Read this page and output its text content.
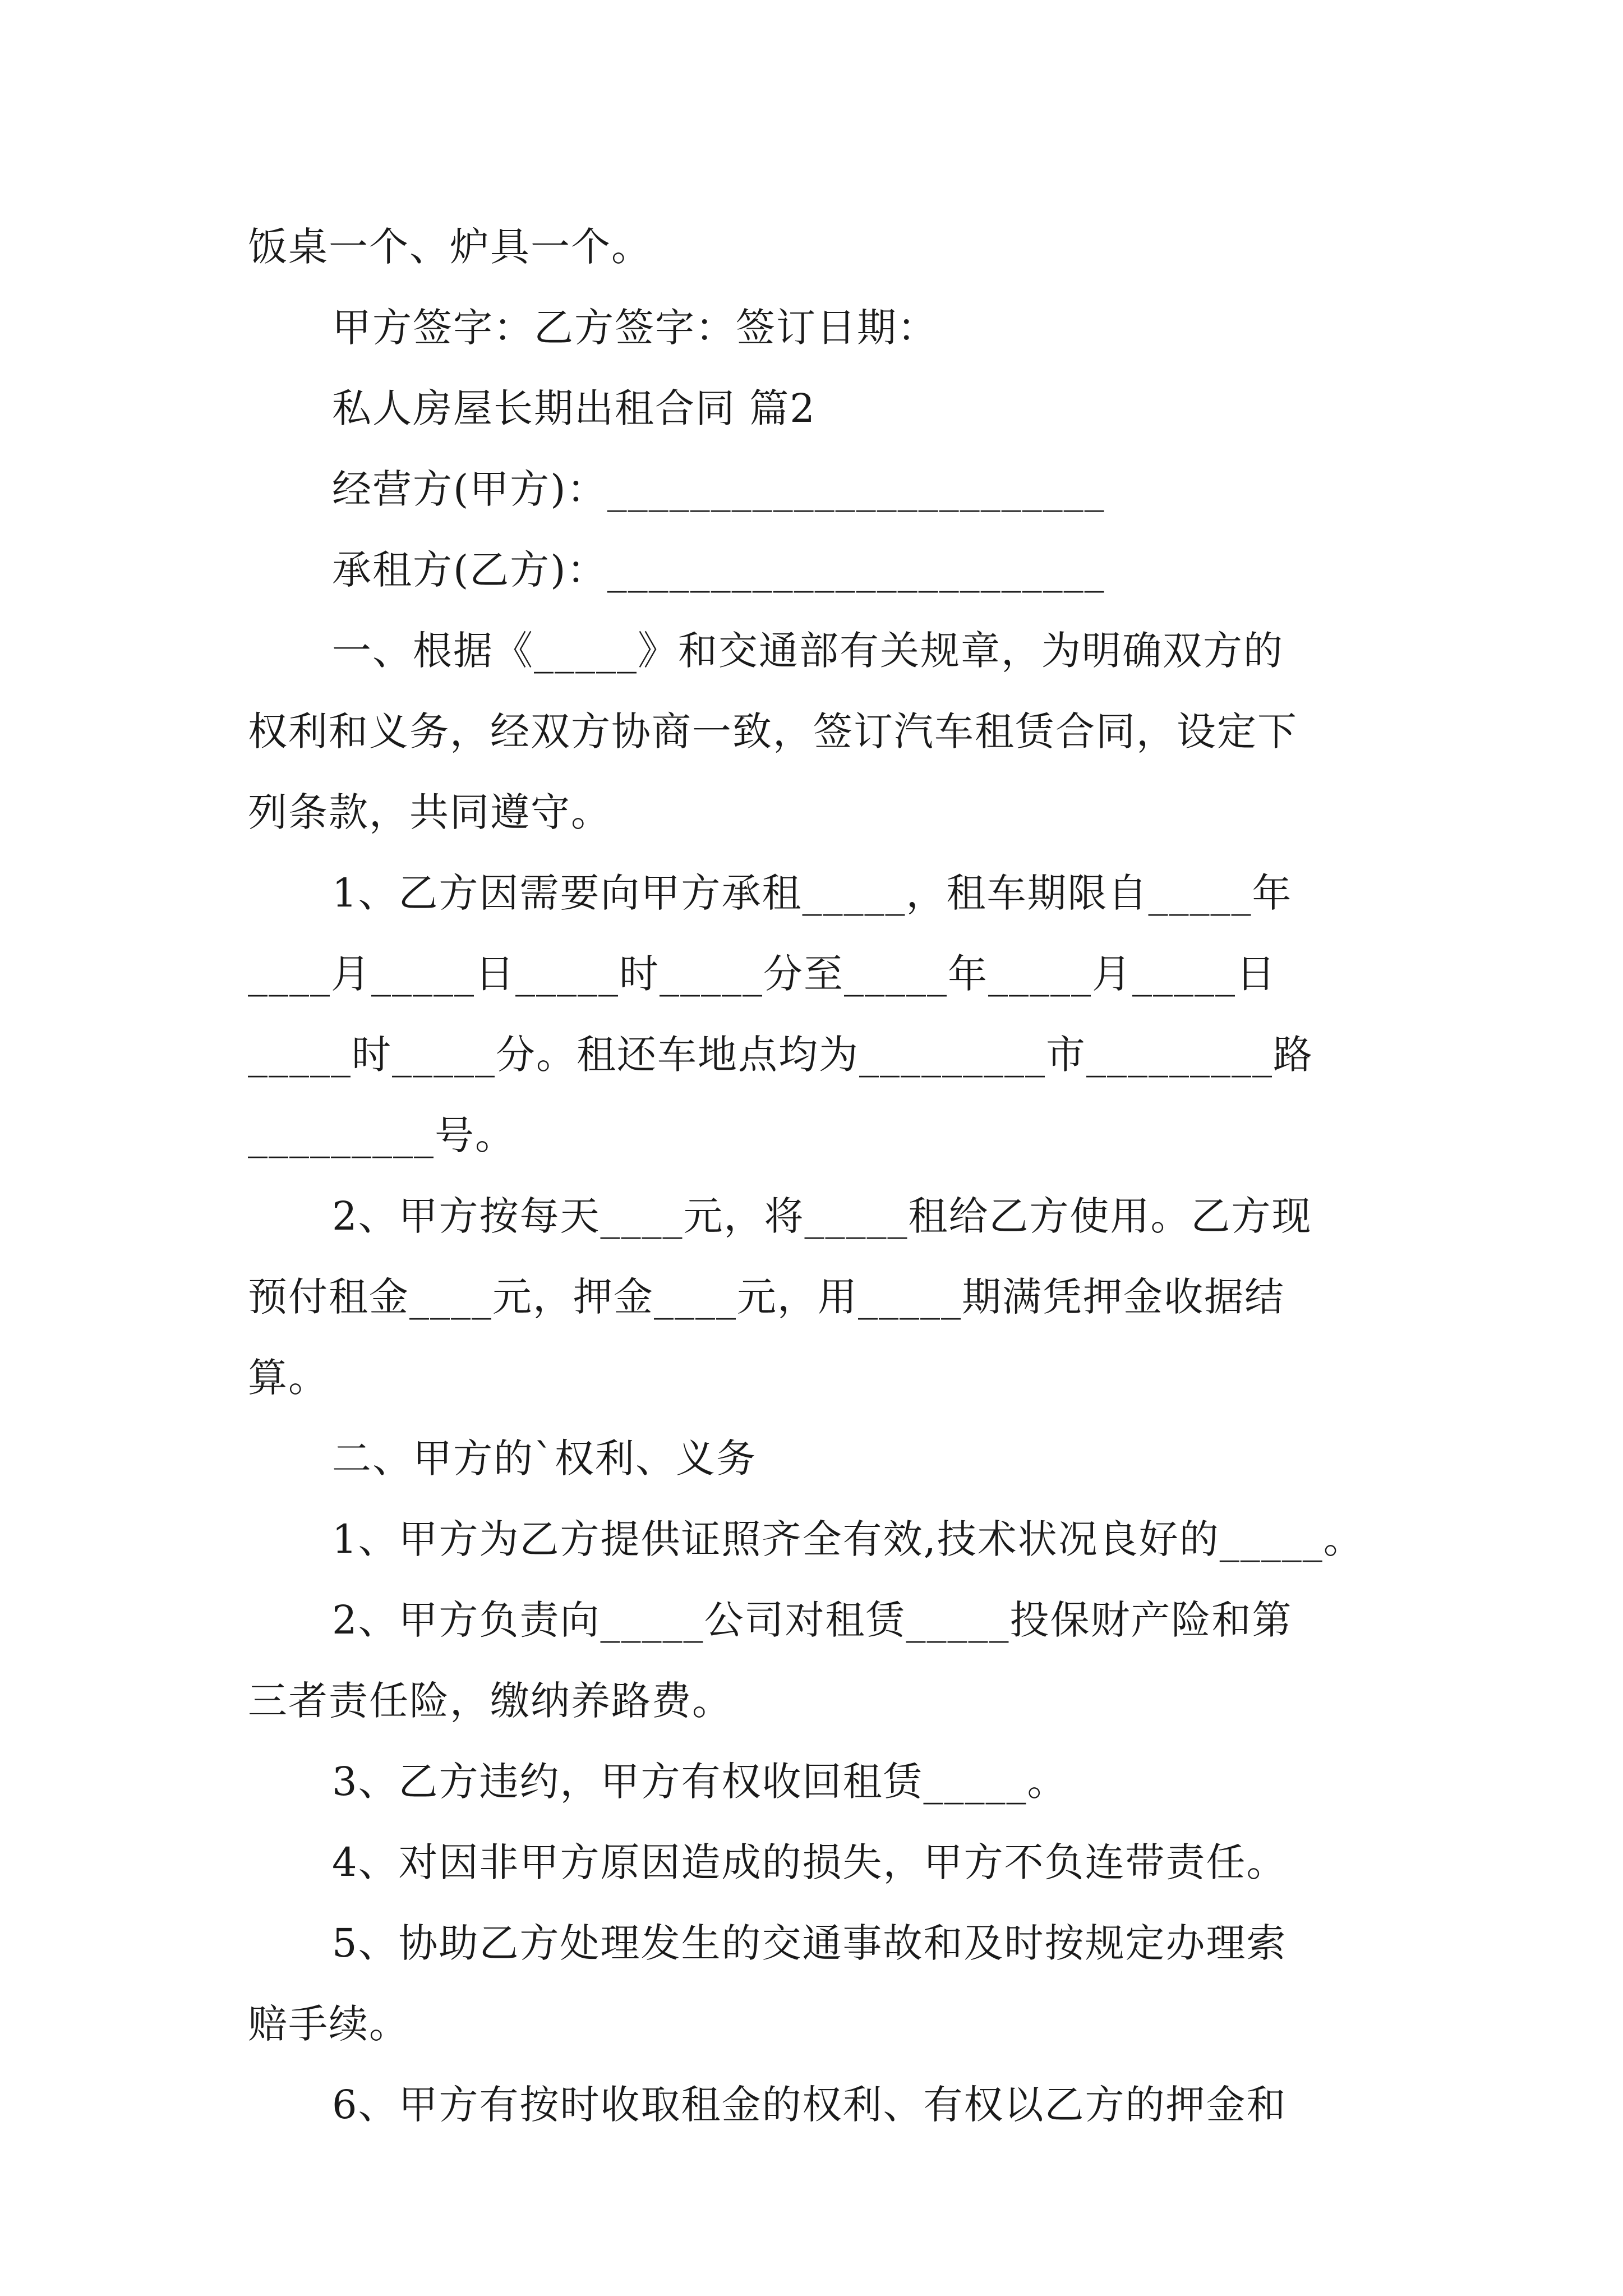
饭桌一个、炉具一个。
甲方签字：乙方签字：签订日期：
私人房屋长期出租合同 篇2
经营方(甲方)：________________________
承租方(乙方)：________________________
一、根据《_____》和交通部有关规章，为明确双方的
权利和义务，经双方协商一致，签订汽车租赁合同，设定下
列条款，共同遵守。
1、乙方因需要向甲方承租_____，租车期限自_____年
____月_____日_____时_____分至_____年_____月_____日
_____时_____分。租还车地点均为_________市_________路
_________号。
2、甲方按每天____元，将_____租给乙方使用。乙方现
预付租金____元，押金____元，用_____期满凭押金收据结
算。
二、甲方的`权利、义务
1、甲方为乙方提供证照齐全有效,技术状况良好的_____。
2、甲方负责向_____公司对租赁_____投保财产险和第
三者责任险，缴纳养路费。
3、乙方违约，甲方有权收回租赁_____。
4、对因非甲方原因造成的损失，甲方不负连带责任。
5、协助乙方处理发生的交通事故和及时按规定办理索
赔手续。
6、甲方有按时收取租金的权利、有权以乙方的押金和
